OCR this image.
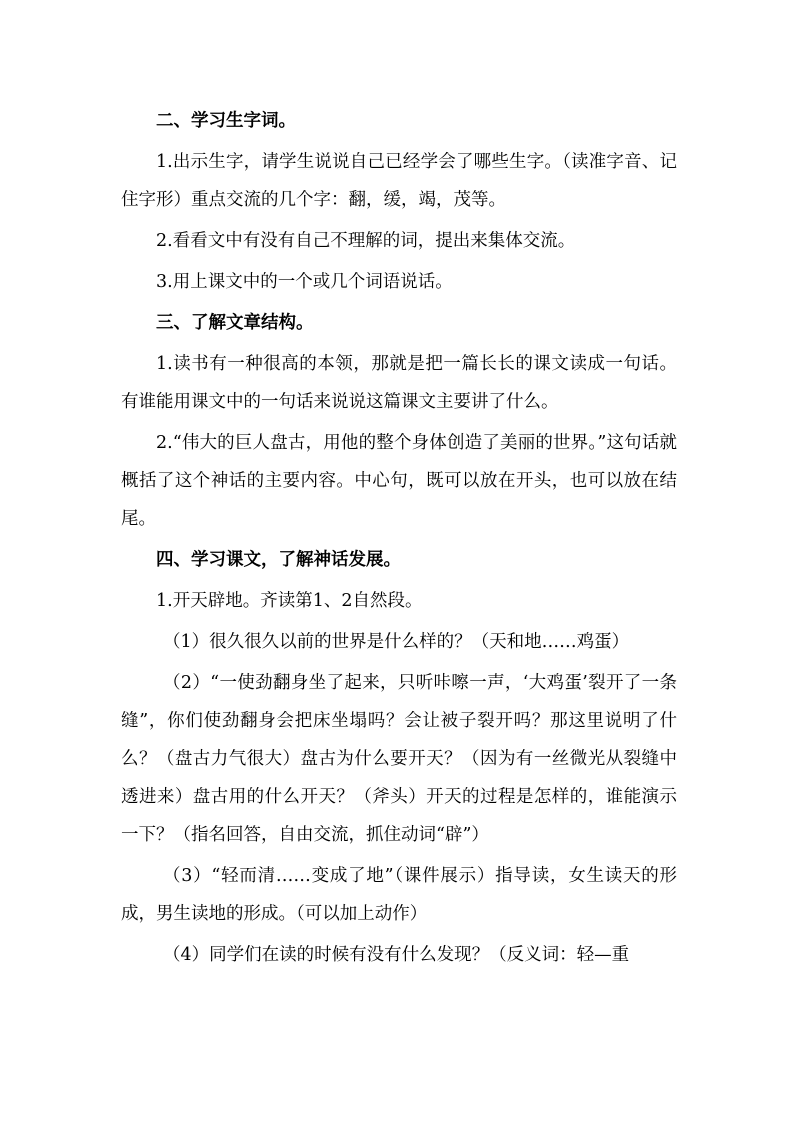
二、学习生字词。

1.出示生字，请学生说说自己已经学会了哪些生字。（读准字音、记住字形）重点交流的几个字：翻，缓，竭，茂等。

2.看看文中有没有自己不理解的词，提出来集体交流。

3.用上课文中的一个或几个词语说话。

三、了解文章结构。

1.读书有一种很高的本领，那就是把一篇长长的课文读成一句话。有谁能用课文中的一句话来说说这篇课文主要讲了什么。

2.“伟大的巨人盘古，用他的整个身体创造了美丽的世界。”这句话就概括了这个神话的主要内容。中心句，既可以放在开头，也可以放在结尾。

四、学习课文，了解神话发展。

1.开天辟地。齐读第1、2自然段。

（1）很久很久以前的世界是什么样的？（天和地……鸡蛋）

（2）“一使劲翻身坐了起来，只听咔嚓一声，‘大鸡蛋’裂开了一条缝”，你们使劲翻身会把床坐塌吗？会让被子裂开吗？那这里说明了什么？（盘古力气很大）盘古为什么要开天？（因为有一丝微光从裂缝中透进来）盘古用的什么开天？（斧头）开天的过程是怎样的，谁能演示一下？（指名回答，自由交流，抓住动词“辟”）

（3）“轻而清……变成了地”（课件展示）指导读，女生读天的形成，男生读地的形成。（可以加上动作）

（4）同学们在读的时候有没有什么发现？（反义词：轻—重
